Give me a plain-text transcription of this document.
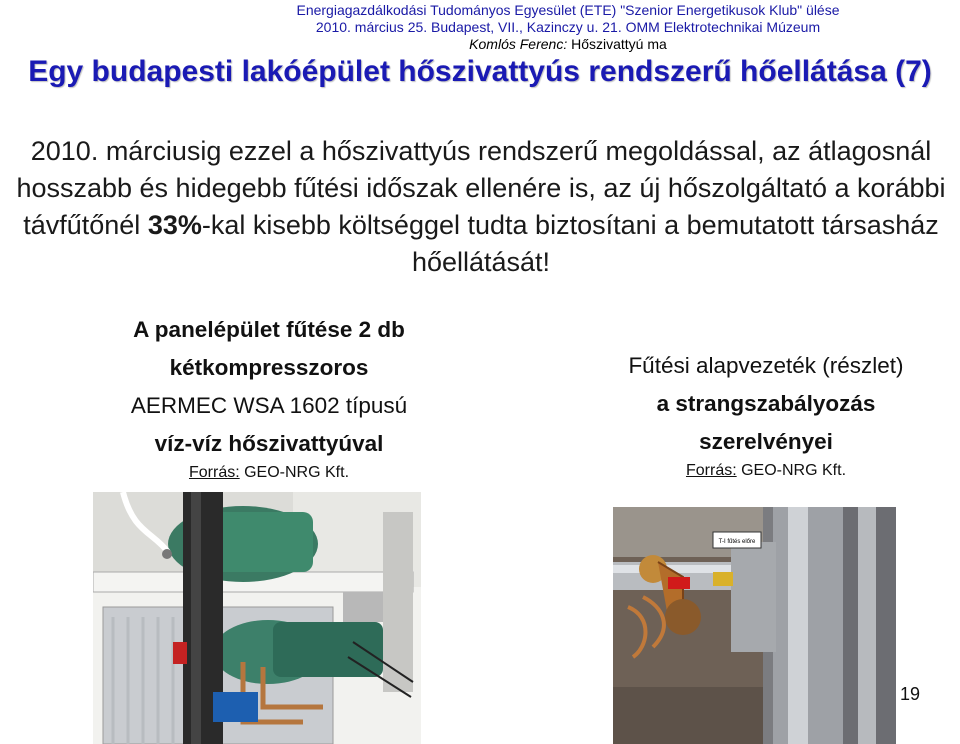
Energiagazdálkodási Tudományos Egyesület (ETE) "Szenior Energetikusok Klub" ülése
2010. március 25. Budapest, VII., Kazinczy u. 21. OMM Elektrotechnikai Múzeum
Komlós Ferenc: Hőszivattyú ma
Egy budapesti lakóépület hőszivattyús rendszerű hőellátása (7)
2010. márciusig ezzel a hőszivattyús rendszerű megoldással, az átlagosnál hosszabb és hidegebb fűtési időszak ellenére is, az új hőszolgáltató a korábbi távfűtőnél 33%-kal kisebb költséggel tudta biztosítani a bemutatott társasház hőellátását!
A panelépület fűtése 2 db
kétkompresszoros
AERMEC WSA 1602 típusú
víz-víz hőszivattyúval
Forrás: GEO-NRG Kft.
Fűtési alapvezeték (részlet)
a strangszabályozás
szerelvényei
Forrás: GEO-NRG Kft.
T-I fűtés előre
19
